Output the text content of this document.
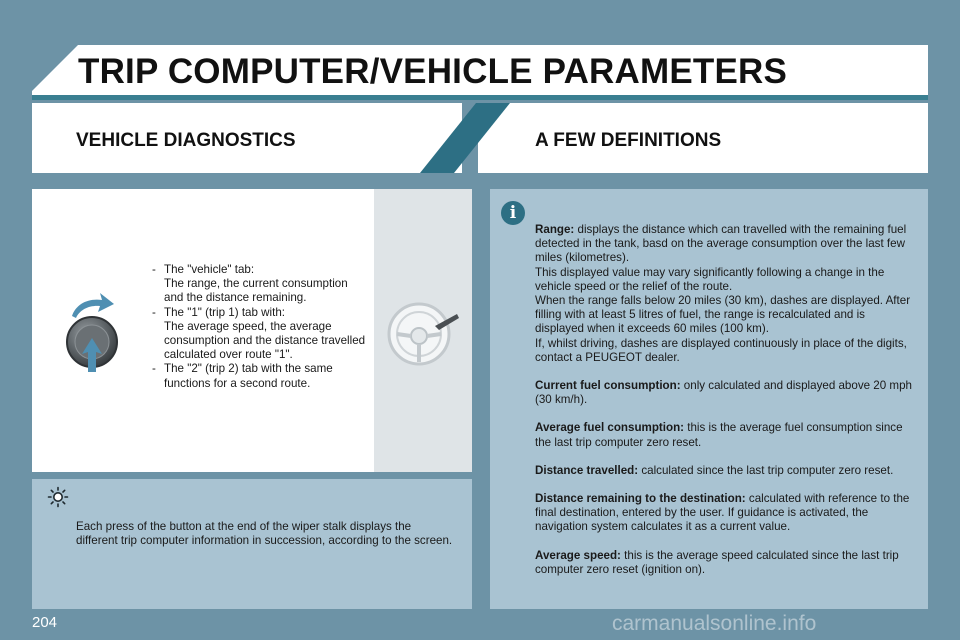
TRIP COMPUTER/VEHICLE PARAMETERS
VEHICLE DIAGNOSTICS	A FEW DEFINITIONS
- The "vehicle" tab:
The range, the current consumption and the distance remaining.
- The "1" (trip 1) tab with:
The average speed, the average consumption and the distance travelled calculated over route "1".
- The "2" (trip 2) tab with the same functions for a second route.

Each press of the button at the end of the wiper stalk displays the different trip computer information in succession, according to the screen.

i

Range: displays the distance which can travelled with the remaining fuel detected in the tank, basd on the average consumption over the last few miles (kilometres).

This displayed value may vary significantly following a change in the vehicle speed or the relief of the route.

When the range falls below 20 miles (30 km), dashes are displayed. After filling with at least 5 litres of fuel, the range is recalculated and is displayed when it exceeds 60 miles (100 km).

If, whilst driving, dashes are displayed continuously in place of the digits, contact a PEUGEOT dealer.

Current fuel consumption: only calculated and displayed above 20 mph (30 km/h).

Average fuel consumption: this is the average fuel consumption since the last trip computer zero reset.

Distance travelled: calculated since the last trip computer zero reset.

Distance remaining to the destination: calculated with reference to the final destination, entered by the user. If guidance is activated, the navigation system calculates it as a current value.

Average speed: this is the average speed calculated since the last trip computer zero reset (ignition on).

204	carmanualsonline.info
